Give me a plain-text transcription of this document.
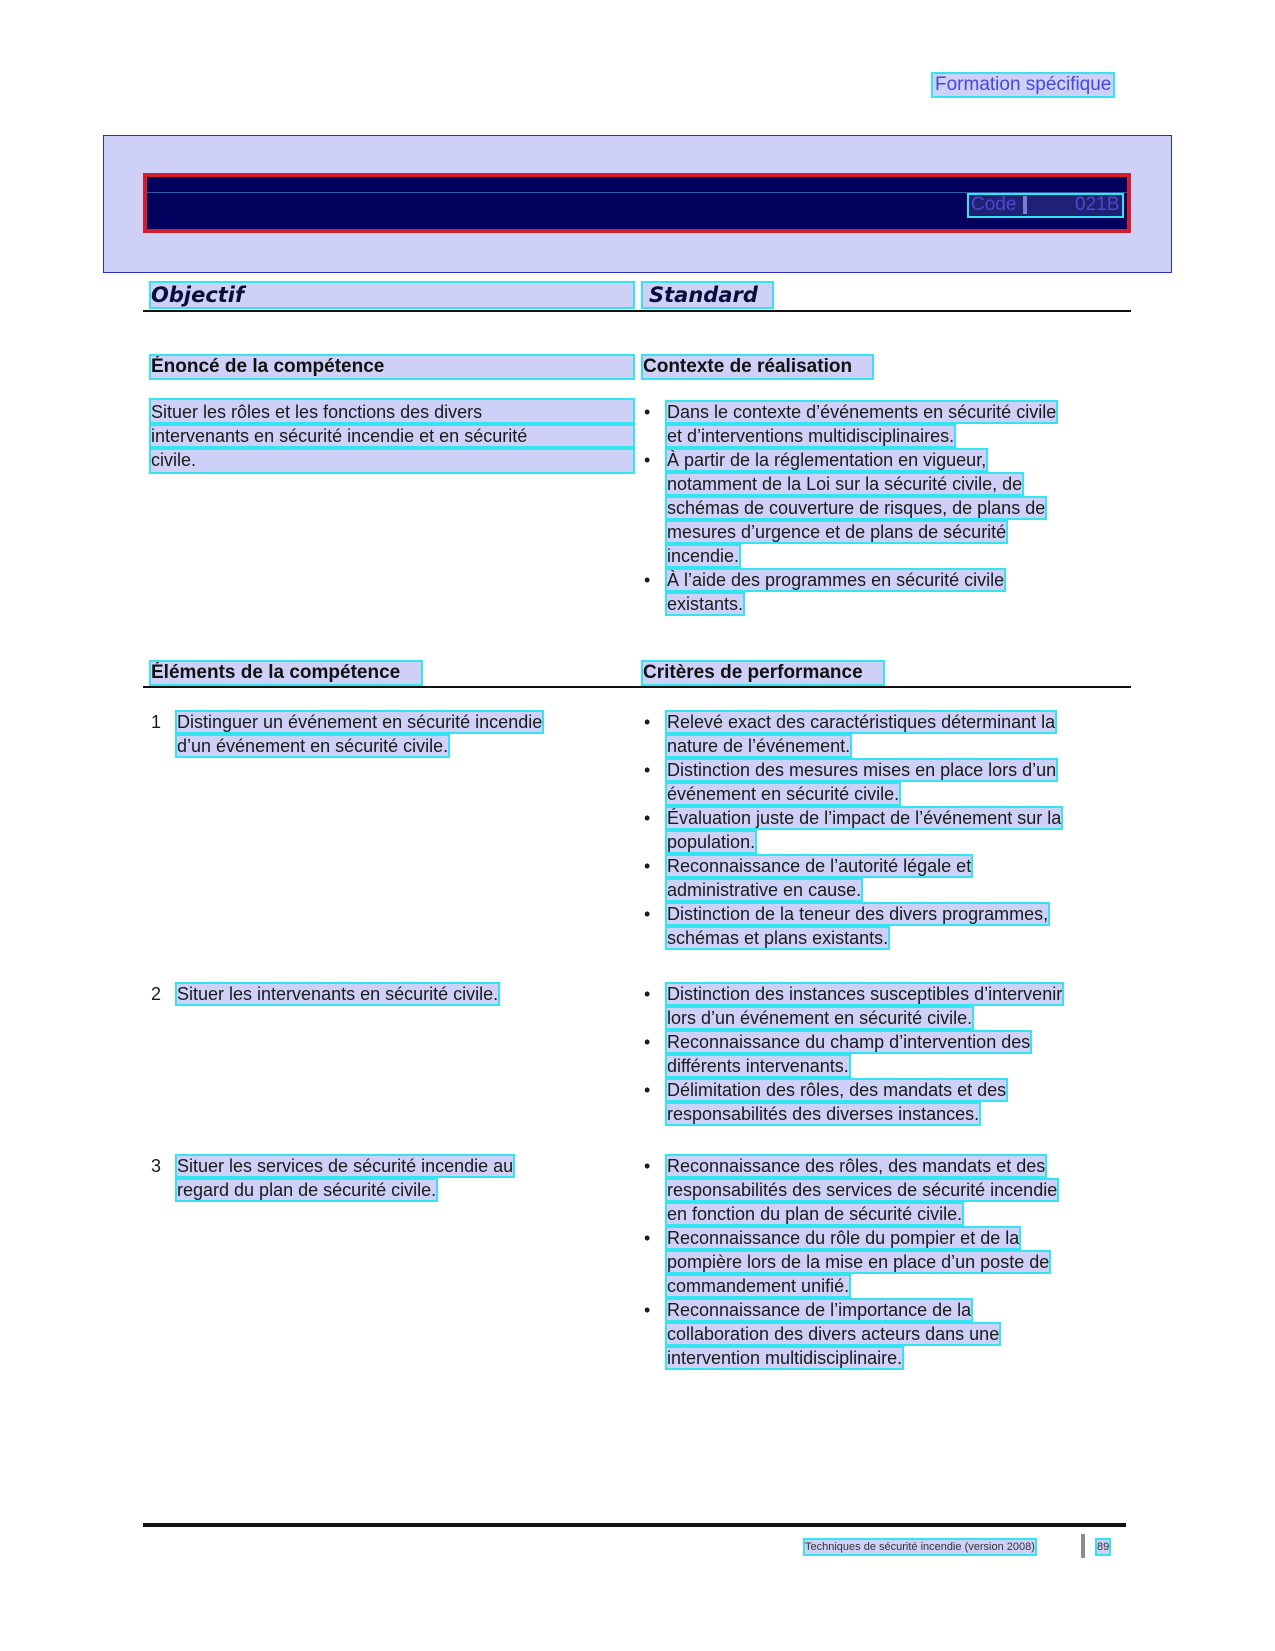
Formation spécifique
Code :	021B
Objectif	Standard
Énoncé de la compétence	Contexte de réalisation
Situer les rôles et les fonctions des divers
intervenants en sécurité incendie et en sécurité
civile.
• Dans le contexte d’événements en sécurité civile
et d’interventions multidisciplinaires.
• À partir de la réglementation en vigueur,
notamment de la Loi sur la sécurité civile, de
schémas de couverture de risques, de plans de
mesures d’urgence et de plans de sécurité
incendie.
• À l’aide des programmes en sécurité civile
existants.
Éléments de la compétence	Critères de performance
1 Distinguer un événement en sécurité incendie
d’un événement en sécurité civile.
• Relevé exact des caractéristiques déterminant la
nature de l’événement.
• Distinction des mesures mises en place lors d’un
événement en sécurité civile.
• Évaluation juste de l’impact de l’événement sur la
population.
• Reconnaissance de l’autorité légale et
administrative en cause.
• Distinction de la teneur des divers programmes,
schémas et plans existants.
2 Situer les intervenants en sécurité civile.
•	Distinction des instances susceptibles d’intervenir
lors d’un événement en sécurité civile.
• Reconnaissance du champ d’intervention des
différents intervenants.
• Délimitation des rôles, des mandats et des
responsabilités des diverses instances.
3 Situer les services de sécurité incendie au
regard du plan de sécurité civile.
• Reconnaissance des rôles, des mandats et des
responsabilités des services de sécurité incendie
en fonction du plan de sécurité civile.
• Reconnaissance du rôle du pompier et de la
pompière lors de la mise en place d’un poste de
commandement unifié.
• Reconnaissance de l’importance de la
collaboration des divers acteurs dans une
intervention multidisciplinaire.
Techniques de sécurité incendie (version 2008)	89
